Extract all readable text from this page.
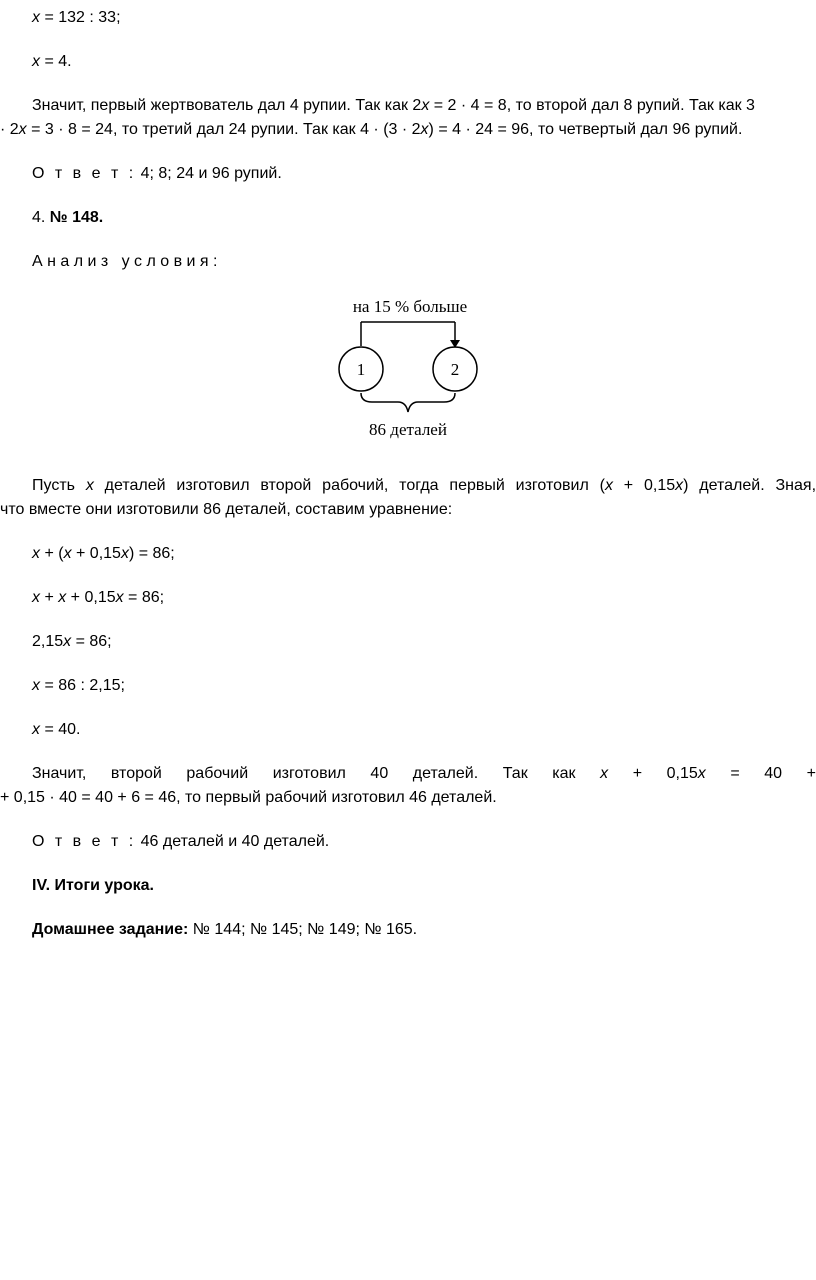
x = 132 : 33;
x = 4.
Значит, первый жертвователь дал 4 рупии. Так как 2x = 2 · 4 = 8, то второй дал 8 рупий. Так как 3
· 2x = 3 · 8 = 24, то третий дал 24 рупии. Так как 4 · (3 · 2x) = 4 · 24 = 96, то четвертый дал 96 рупий.
О т в е т : 4; 8; 24 и 96 рупий.
4. № 148.
А н а л и з   у с л о в и я :
на 15 % больше
1	2
86 деталей
Пусть x деталей изготовил второй рабочий, тогда первый изготовил (x + 0,15x) деталей. Зная,
что вместе они изготовили 86 деталей, составим уравнение:
x + (x + 0,15x) = 86;
x + x + 0,15x = 86;
2,15x = 86;
x = 86 : 2,15;
x = 40.
Значит, второй рабочий изготовил 40 деталей. Так как x + 0,15x = 40 +
+ 0,15 · 40 = 40 + 6 = 46, то первый рабочий изготовил 46 деталей.
О т в е т : 46 деталей и 40 деталей.
IV. Итоги урока.
Домашнее задание: № 144; № 145; № 149; № 165.
